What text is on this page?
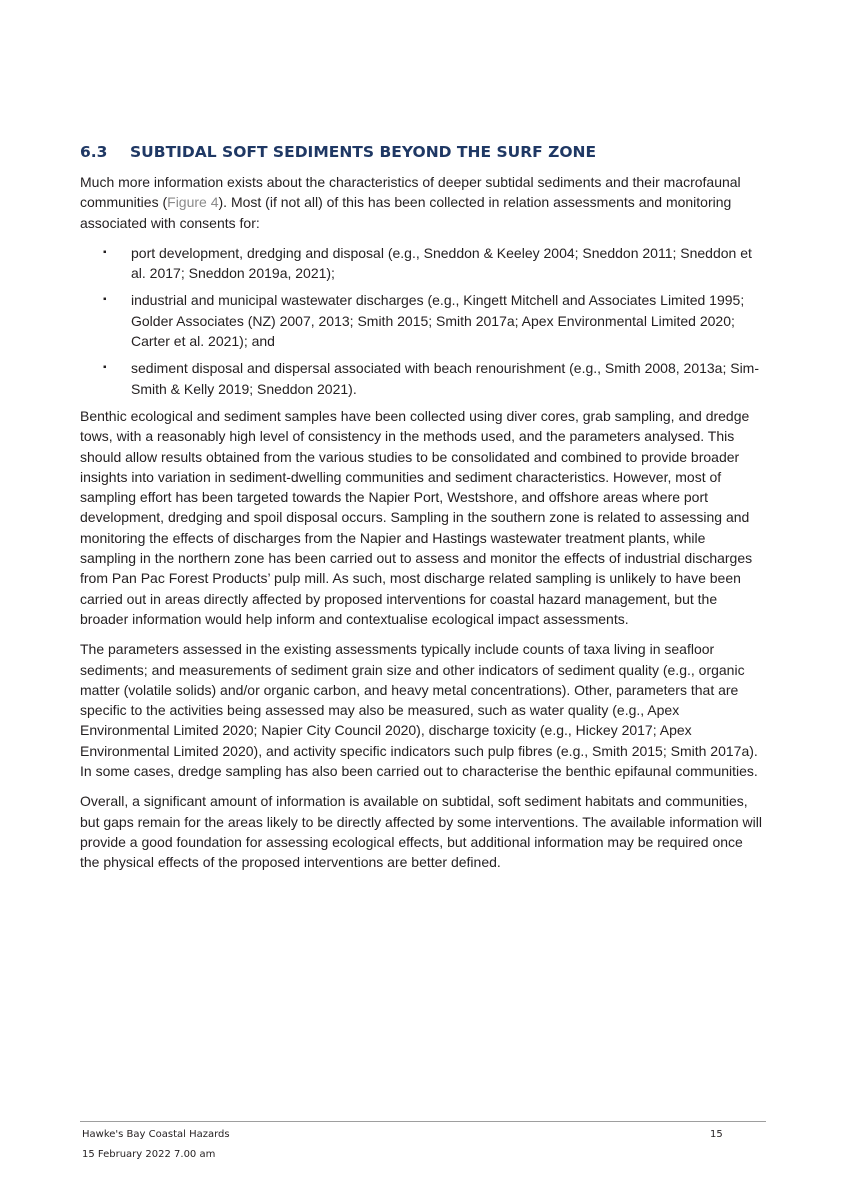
6.3 SUBTIDAL SOFT SEDIMENTS BEYOND THE SURF ZONE

Much more information exists about the characteristics of deeper subtidal sediments and their macrofaunal communities (Figure 4). Most (if not all) of this has been collected in relation assessments and monitoring associated with consents for:

▪ port development, dredging and disposal (e.g., Sneddon & Keeley 2004; Sneddon 2011; Sneddon et al. 2017; Sneddon 2019a, 2021);
▪ industrial and municipal wastewater discharges (e.g., Kingett Mitchell and Associates Limited 1995; Golder Associates (NZ) 2007, 2013; Smith 2015; Smith 2017a; Apex Environmental Limited 2020; Carter et al. 2021); and
▪ sediment disposal and dispersal associated with beach renourishment (e.g., Smith 2008, 2013a; Sim-Smith & Kelly 2019; Sneddon 2021).

Benthic ecological and sediment samples have been collected using diver cores, grab sampling, and dredge tows, with a reasonably high level of consistency in the methods used, and the parameters analysed. This should allow results obtained from the various studies to be consolidated and combined to provide broader insights into variation in sediment-dwelling communities and sediment characteristics. However, most of sampling effort has been targeted towards the Napier Port, Westshore, and offshore areas where port development, dredging and spoil disposal occurs. Sampling in the southern zone is related to assessing and monitoring the effects of discharges from the Napier and Hastings wastewater treatment plants, while sampling in the northern zone has been carried out to assess and monitor the effects of industrial discharges from Pan Pac Forest Products’ pulp mill. As such, most discharge related sampling is unlikely to have been carried out in areas directly affected by proposed interventions for coastal hazard management, but the broader information would help inform and contextualise ecological impact assessments.

The parameters assessed in the existing assessments typically include counts of taxa living in seafloor sediments; and measurements of sediment grain size and other indicators of sediment quality (e.g., organic matter (volatile solids) and/or organic carbon, and heavy metal concentrations). Other, parameters that are specific to the activities being assessed may also be measured, such as water quality (e.g., Apex Environmental Limited 2020; Napier City Council 2020), discharge toxicity (e.g., Hickey 2017; Apex Environmental Limited 2020), and activity specific indicators such pulp fibres (e.g., Smith 2015; Smith 2017a). In some cases, dredge sampling has also been carried out to characterise the benthic epifaunal communities.

Overall, a significant amount of information is available on subtidal, soft sediment habitats and communities, but gaps remain for the areas likely to be directly affected by some interventions. The available information will provide a good foundation for assessing ecological effects, but additional information may be required once the physical effects of the proposed interventions are better defined.

Hawke's Bay Coastal Hazards	15
15 February 2022 7.00 am
